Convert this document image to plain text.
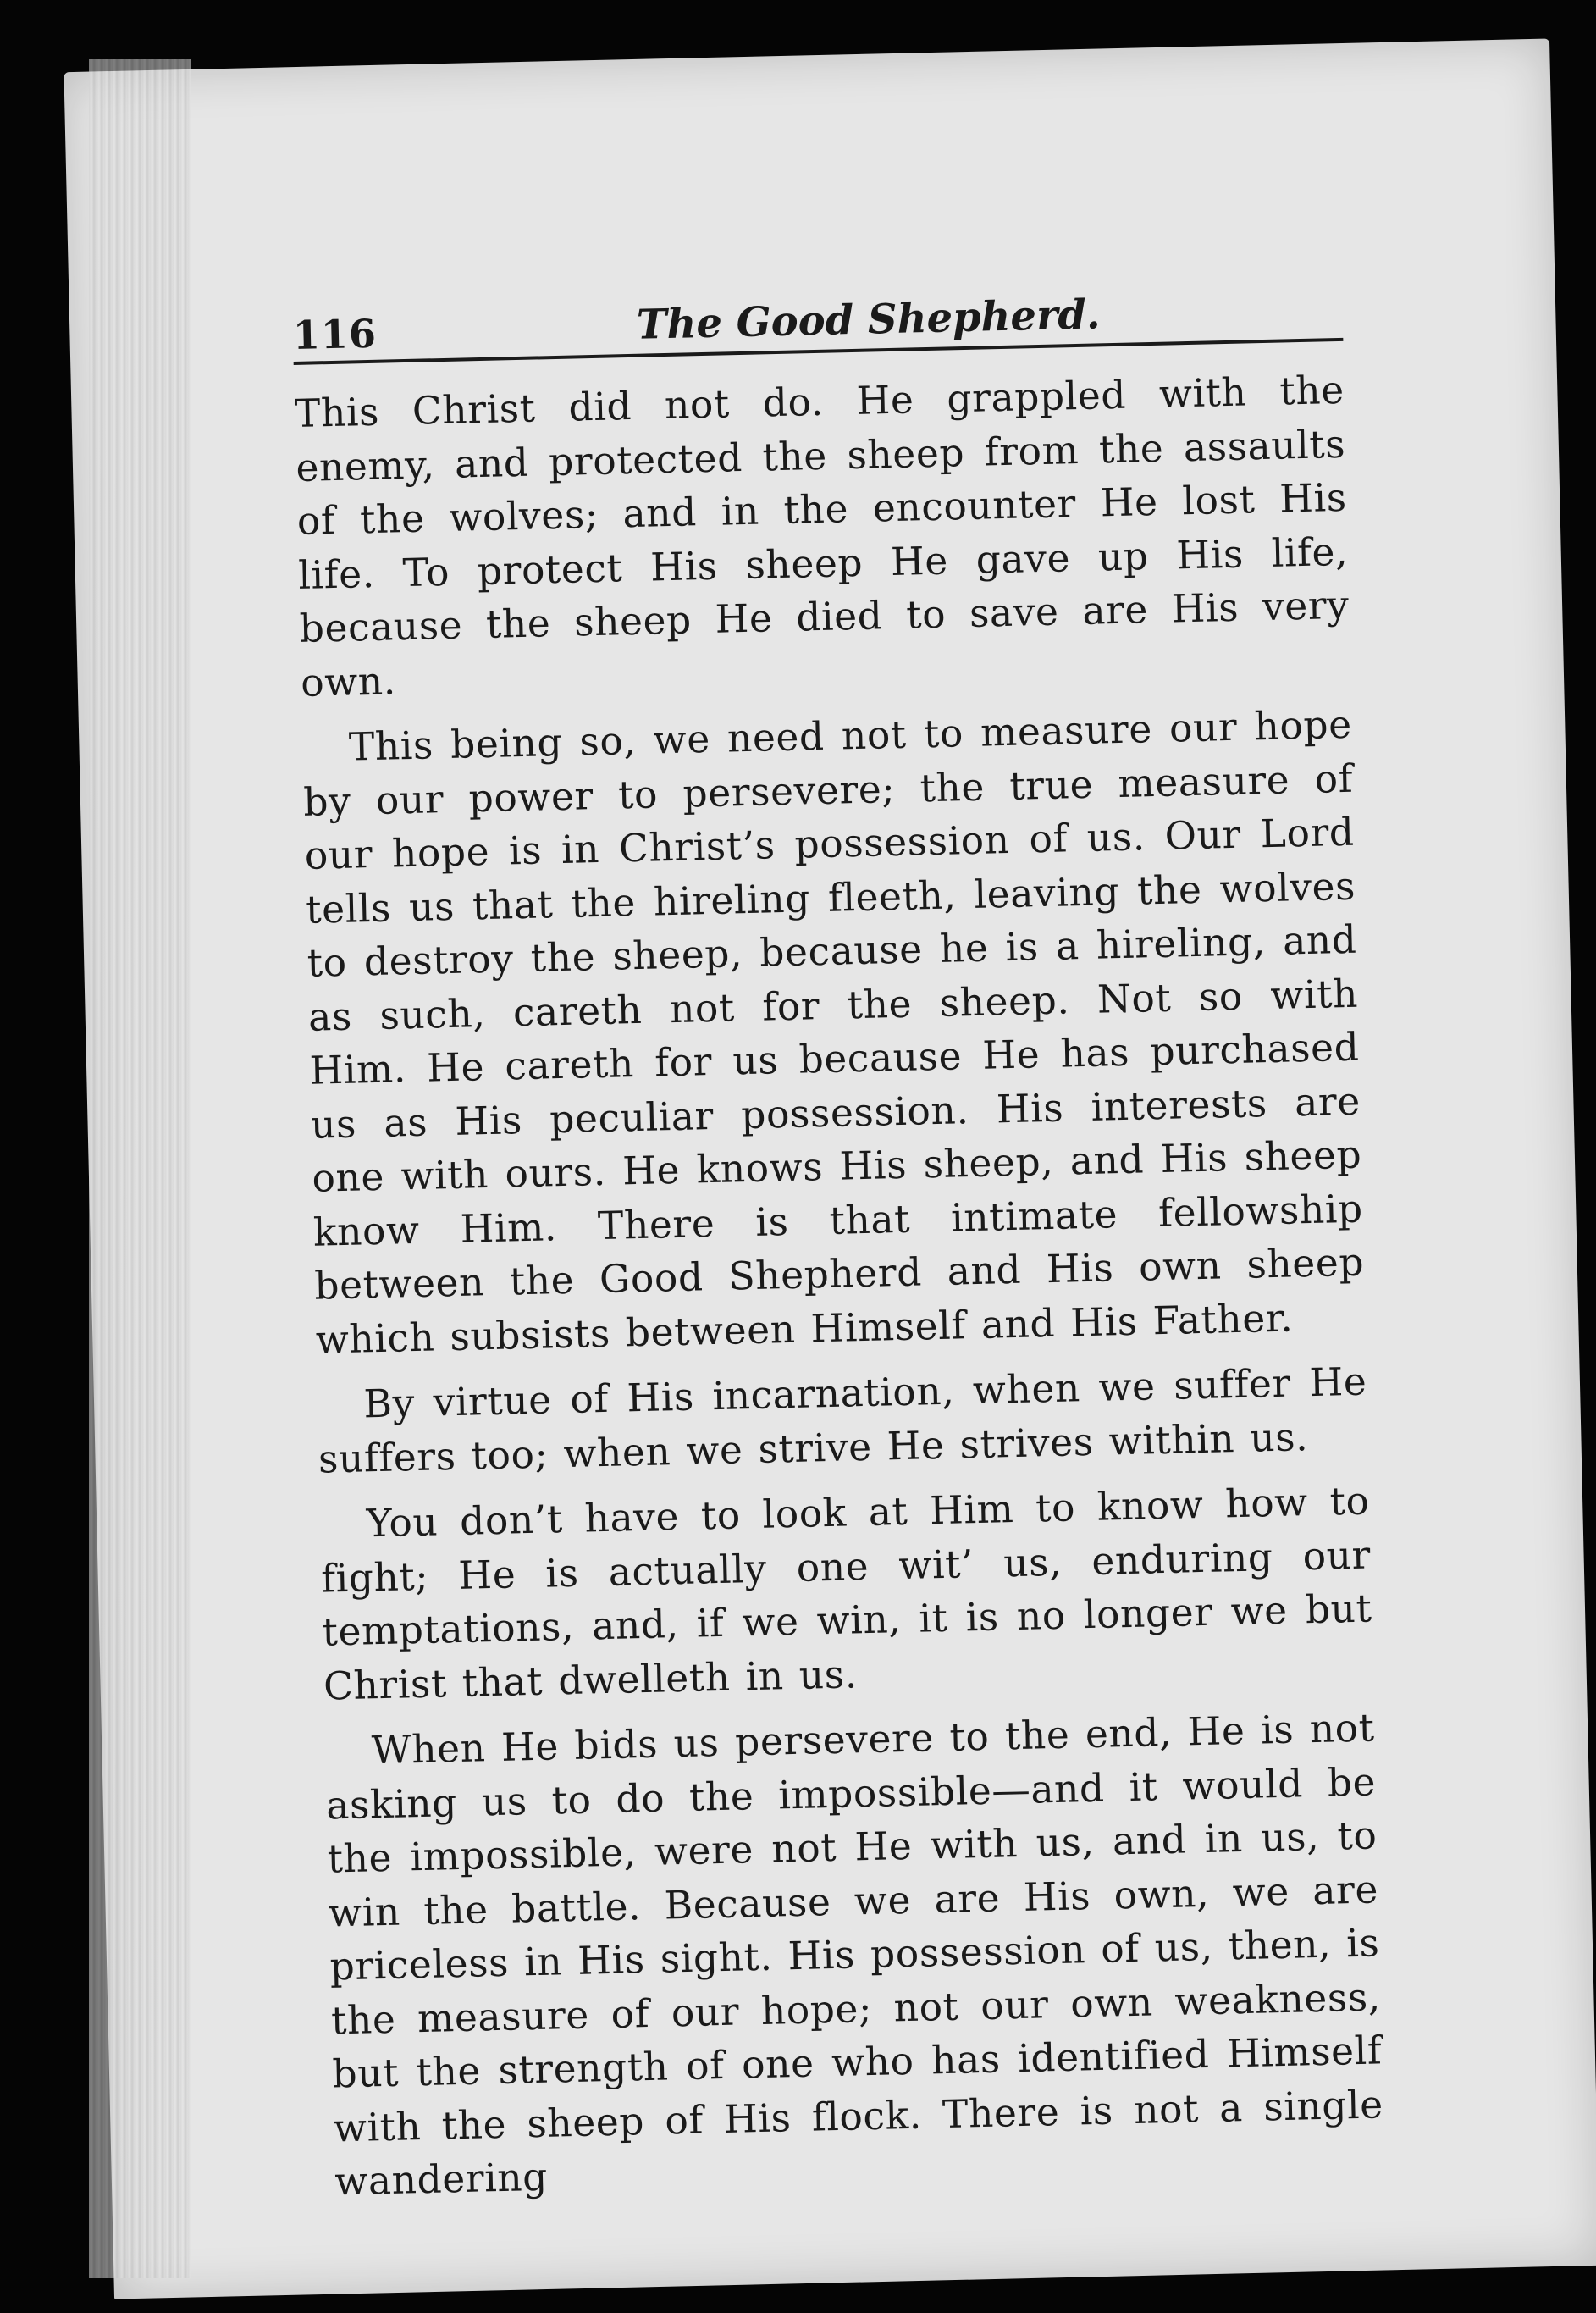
116	The Good Shepherd.

This Christ did not do. He grappled with the enemy, and protected the sheep from the assaults of the wolves; and in the encounter He lost His life. To protect His sheep He gave up His life, because the sheep He died to save are His very own.

This being so, we need not to measure our hope by our power to persevere; the true measure of our hope is in Christ’s possession of us. Our Lord tells us that the hireling fleeth, leaving the wolves to destroy the sheep, because he is a hireling, and as such, careth not for the sheep. Not so with Him. He careth for us because He has purchased us as His peculiar possession. His interests are one with ours. He knows His sheep, and His sheep know Him. There is that intimate fellowship between the Good Shepherd and His own sheep which subsists between Himself and His Father.

By virtue of His incarnation, when we suffer He suffers too; when we strive He strives within us.

You don’t have to look at Him to know how to fight; He is actually one wit’ us, enduring our temptations, and, if we win, it is no longer we but Christ that dwelleth in us.

When He bids us persevere to the end, He is not asking us to do the impossible—and it would be the impossible, were not He with us, and in us, to win the battle. Because we are His own, we are priceless in His sight. His possession of us, then, is the measure of our hope; not our own weakness, but the strength of one who has identified Himself with the sheep of His flock. There is not a single wandering
